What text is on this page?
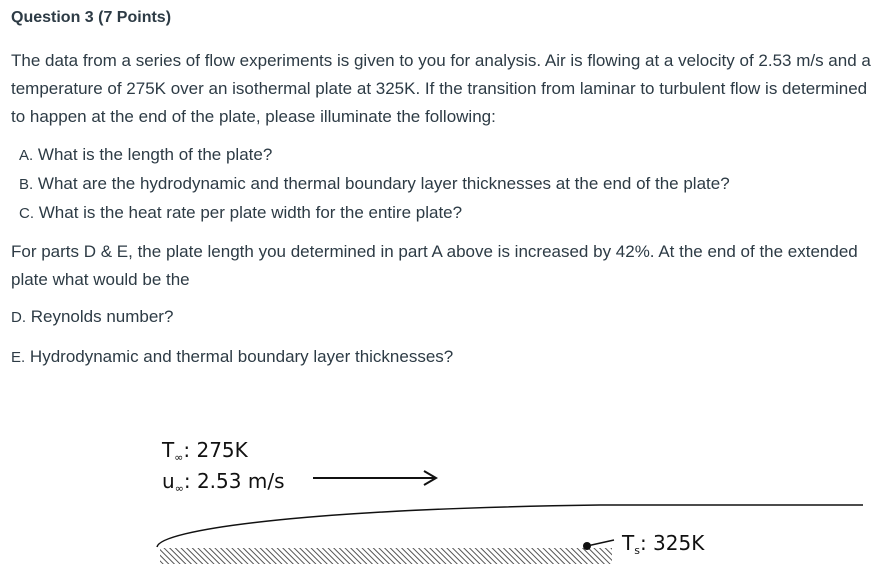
Question 3 (7 Points)
The data from a series of flow experiments is given to you for analysis. Air is flowing at a velocity of 2.53 m/s and a temperature of 275K over an isothermal plate at 325K. If the transition from laminar to turbulent flow is determined to happen at the end of the plate, please illuminate the following:
A. What is the length of the plate?
B. What are the hydrodynamic and thermal boundary layer thicknesses at the end of the plate?
C. What is the heat rate per plate width for the entire plate?
For parts D & E, the plate length you determined in part A above is increased by 42%. At the end of the extended plate what would be the
D. Reynolds number?
E. Hydrodynamic and thermal boundary layer thicknesses?
$T_\infty$: 275K
$u_\infty$: 2.53 m/s
$T_s$: 325K
